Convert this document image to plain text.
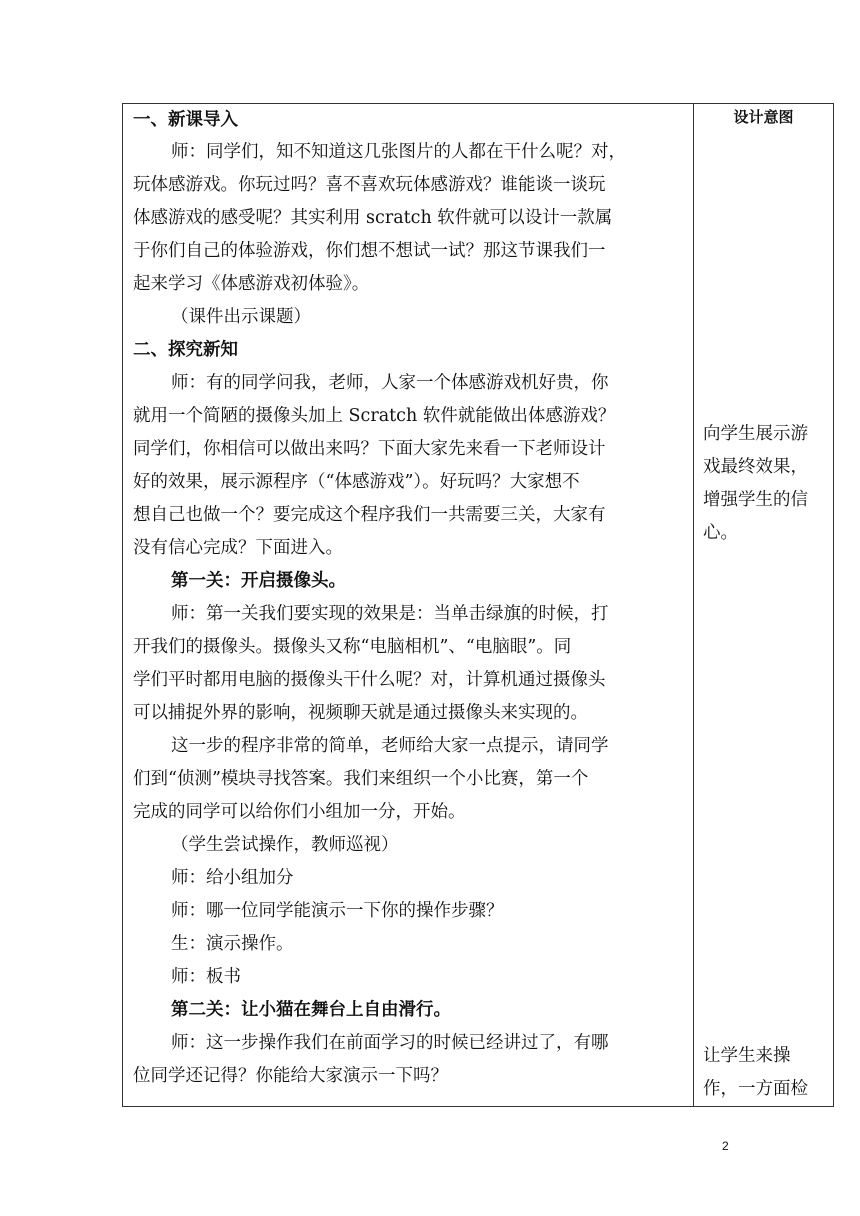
一、新课导入
师：同学们，知不知道这几张图片的人都在干什么呢？对，
玩体感游戏。你玩过吗？喜不喜欢玩体感游戏？谁能谈一谈玩
体感游戏的感受呢？其实利用 scratch 软件就可以设计一款属
于你们自己的体验游戏，你们想不想试一试？那这节课我们一
起来学习《体感游戏初体验》。
（课件出示课题）
二、探究新知
师：有的同学问我，老师，人家一个体感游戏机好贵，你
就用一个简陋的摄像头加上 Scratch 软件就能做出体感游戏？
同学们，你相信可以做出来吗？下面大家先来看一下老师设计
好的效果，展示源程序（“体感游戏”）。好玩吗？大家想不
想自己也做一个？要完成这个程序我们一共需要三关，大家有
没有信心完成？下面进入。
第一关：开启摄像头。
师：第一关我们要实现的效果是：当单击绿旗的时候，打
开我们的摄像头。摄像头又称“电脑相机”、“电脑眼”。同
学们平时都用电脑的摄像头干什么呢？对，计算机通过摄像头
可以捕捉外界的影响，视频聊天就是通过摄像头来实现的。
这一步的程序非常的简单，老师给大家一点提示，请同学
们到“侦测”模块寻找答案。我们来组织一个小比赛，第一个
完成的同学可以给你们小组加一分，开始。
（学生尝试操作，教师巡视）
师：给小组加分
师：哪一位同学能演示一下你的操作步骤？
生：演示操作。
师：板书
第二关：让小猫在舞台上自由滑行。
师：这一步操作我们在前面学习的时候已经讲过了，有哪
位同学还记得？你能给大家演示一下吗？
设计意图
向学生展示游
戏最终效果，
增强学生的信
心。
让学生来操
作，一方面检
2
